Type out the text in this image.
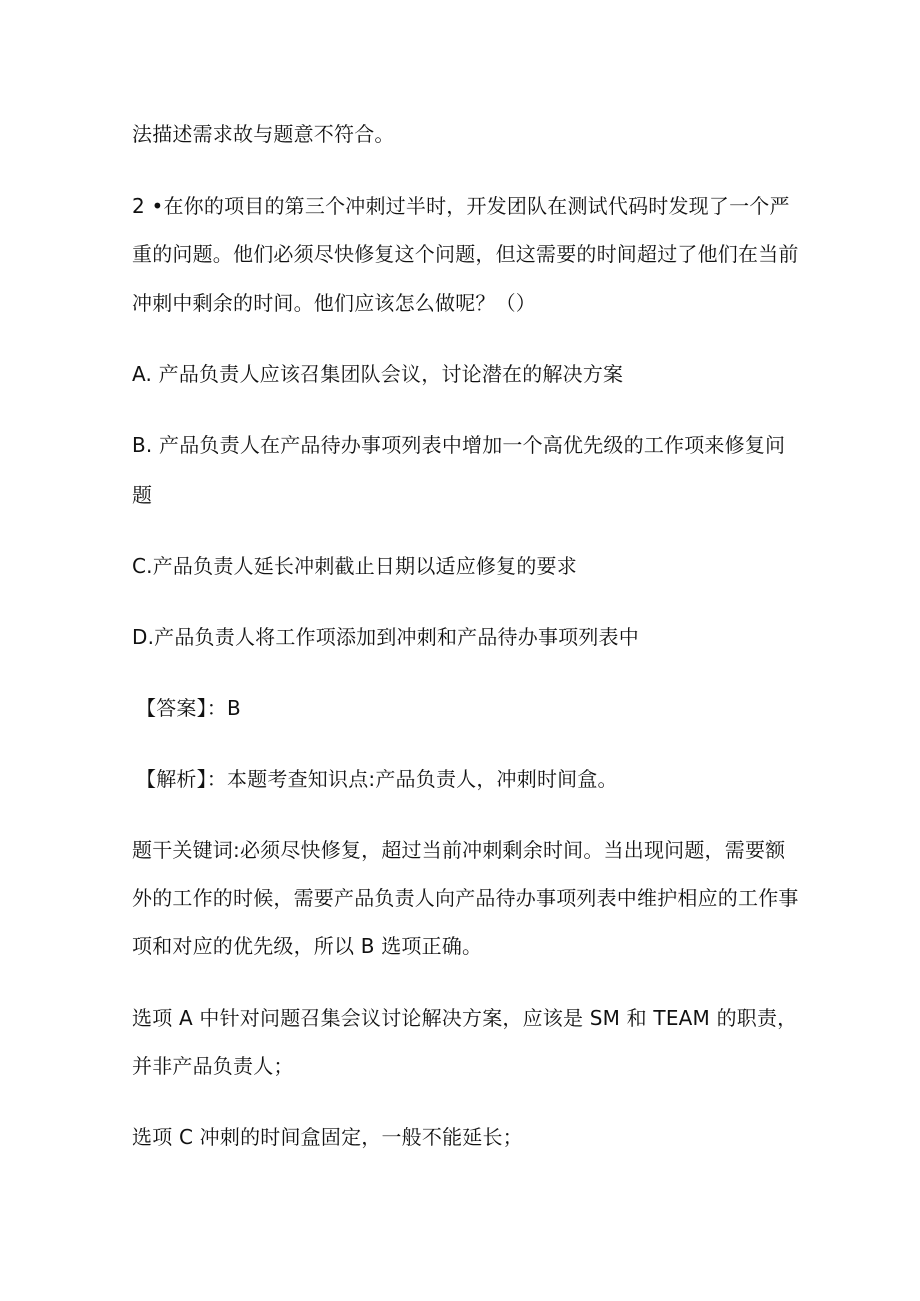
法描述需求故与题意不符合。
2 •在你的项目的第三个冲刺过半时，开发团队在测试代码时发现了一个严
重的问题。他们必须尽快修复这个问题，但这需要的时间超过了他们在当前
冲刺中剩余的时间。他们应该怎么做呢？（）
A. 产品负责人应该召集团队会议，讨论潜在的解决方案
B. 产品负责人在产品待办事项列表中增加一个高优先级的工作项来修复问
题
C.产品负责人延长冲刺截止日期以适应修复的要求
D.产品负责人将工作项添加到冲刺和产品待办事项列表中
【答案】：B
【解析】：本题考查知识点:产品负责人，冲刺时间盒。
题干关键词:必须尽快修复，超过当前冲刺剩余时间。当出现问题，需要额
外的工作的时候，需要产品负责人向产品待办事项列表中维护相应的工作事
项和对应的优先级，所以 B 选项正确。
选项 A 中针对问题召集会议讨论解决方案，应该是 SM 和 TEAM 的职责，
并非产品负责人；
选项 C 冲刺的时间盒固定，一般不能延长；
